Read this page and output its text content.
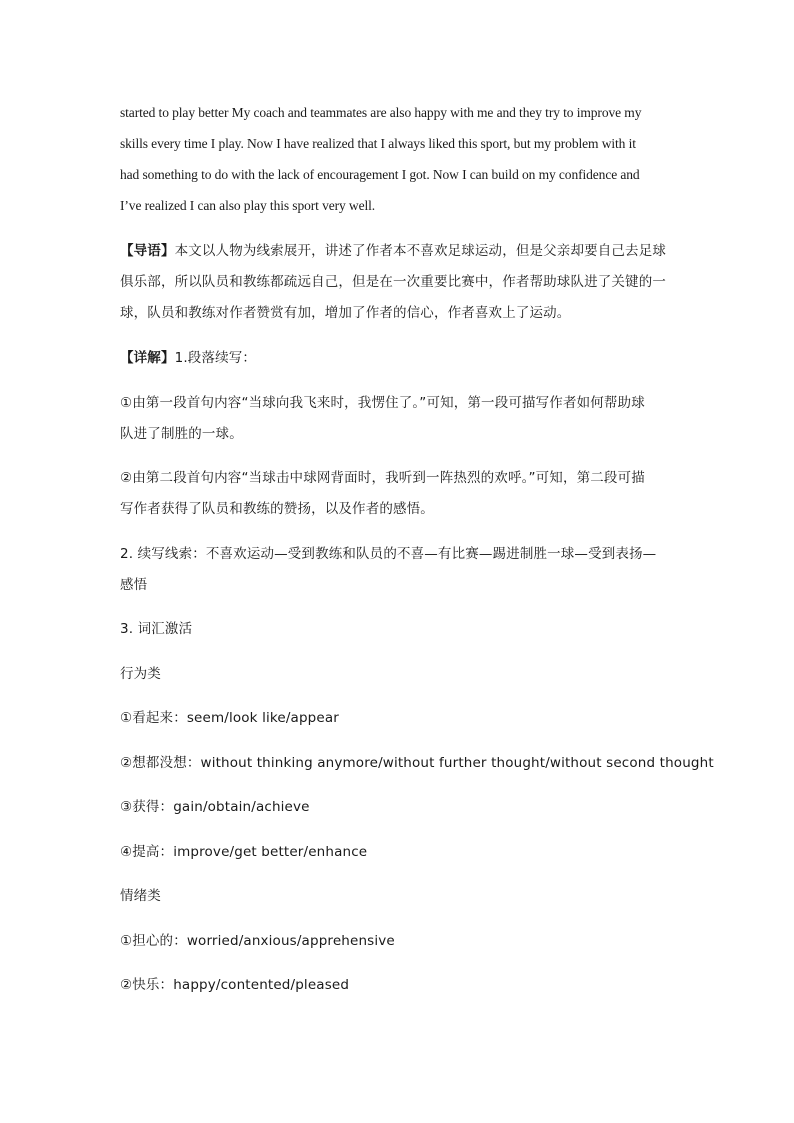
started to play better My coach and teammates are also happy with me and they try to improve my
skills every time I play. Now I have realized that I always liked this sport, but my problem with it
had something to do with the lack of encouragement I got. Now I can build on my confidence and
I’ve realized I can also play this sport very well.
【导语】本文以人物为线索展开，讲述了作者本不喜欢足球运动，但是父亲却要自己去足球
俱乐部，所以队员和教练都疏远自己，但是在一次重要比赛中，作者帮助球队进了关键的一
球，队员和教练对作者赞赏有加，增加了作者的信心，作者喜欢上了运动。
【详解】1.段落续写：
①由第一段首句内容“当球向我飞来时，我愣住了。”可知，第一段可描写作者如何帮助球
队进了制胜的一球。
②由第二段首句内容“当球击中球网背面时，我听到一阵热烈的欢呼。”可知，第二段可描
写作者获得了队员和教练的赞扬，以及作者的感悟。
2. 续写线索：不喜欢运动—受到教练和队员的不喜—有比赛—踢进制胜一球—受到表扬—
感悟
3. 词汇激活
行为类
①看起来：seem/look like/appear
②想都没想：without thinking anymore/without further thought/without second thought
③获得：gain/obtain/achieve
④提高：improve/get better/enhance
情绪类
①担心的：worried/anxious/apprehensive
②快乐：happy/contented/pleased
